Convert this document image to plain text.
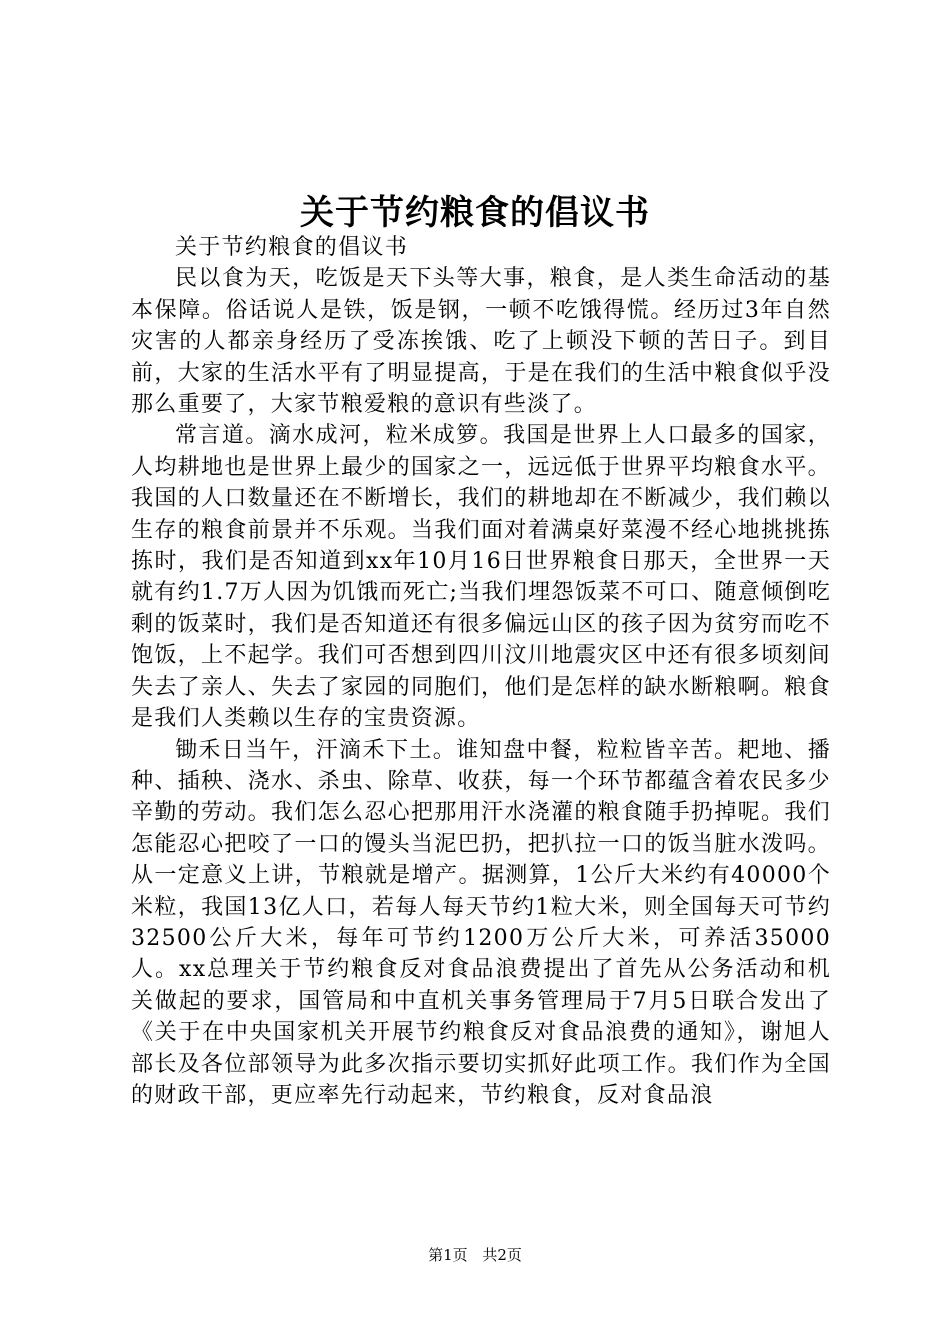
关于节约粮食的倡议书

关于节约粮食的倡议书

民以食为天，吃饭是天下头等大事，粮食，是人类生命活动的基本保障。俗话说人是铁，饭是钢，一顿不吃饿得慌。经历过3年自然灾害的人都亲身经历了受冻挨饿、吃了上顿没下顿的苦日子。到目前，大家的生活水平有了明显提高，于是在我们的生活中粮食似乎没那么重要了，大家节粮爱粮的意识有些淡了。

常言道。滴水成河，粒米成箩。我国是世界上人口最多的国家，人均耕地也是世界上最少的国家之一，远远低于世界平均粮食水平。我国的人口数量还在不断增长，我们的耕地却在不断减少，我们赖以生存的粮食前景并不乐观。当我们面对着满桌好菜漫不经心地挑挑拣拣时，我们是否知道到xx年10月16日世界粮食日那天，全世界一天就有约1.7万人因为饥饿而死亡;当我们埋怨饭菜不可口、随意倾倒吃剩的饭菜时，我们是否知道还有很多偏远山区的孩子因为贫穷而吃不饱饭，上不起学。我们可否想到四川汶川地震灾区中还有很多顷刻间失去了亲人、失去了家园的同胞们，他们是怎样的缺水断粮啊。粮食是我们人类赖以生存的宝贵资源。

锄禾日当午，汗滴禾下土。谁知盘中餐，粒粒皆辛苦。耙地、播种、插秧、浇水、杀虫、除草、收获，每一个环节都蕴含着农民多少辛勤的劳动。我们怎么忍心把那用汗水浇灌的粮食随手扔掉呢。我们怎能忍心把咬了一口的馒头当泥巴扔，把扒拉一口的饭当脏水泼吗。从一定意义上讲，节粮就是增产。据测算，1公斤大米约有40000个米粒，我国13亿人口，若每人每天节约1粒大米，则全国每天可节约32500公斤大米，每年可节约1200万公斤大米，可养活35000人。xx总理关于节约粮食反对食品浪费提出了首先从公务活动和机关做起的要求，国管局和中直机关事务管理局于7月5日联合发出了《关于在中央国家机关开展节约粮食反对食品浪费的通知》，谢旭人部长及各位部领导为此多次指示要切实抓好此项工作。我们作为全国的财政干部，更应率先行动起来，节约粮食，反对食品浪

第1页 共2页
